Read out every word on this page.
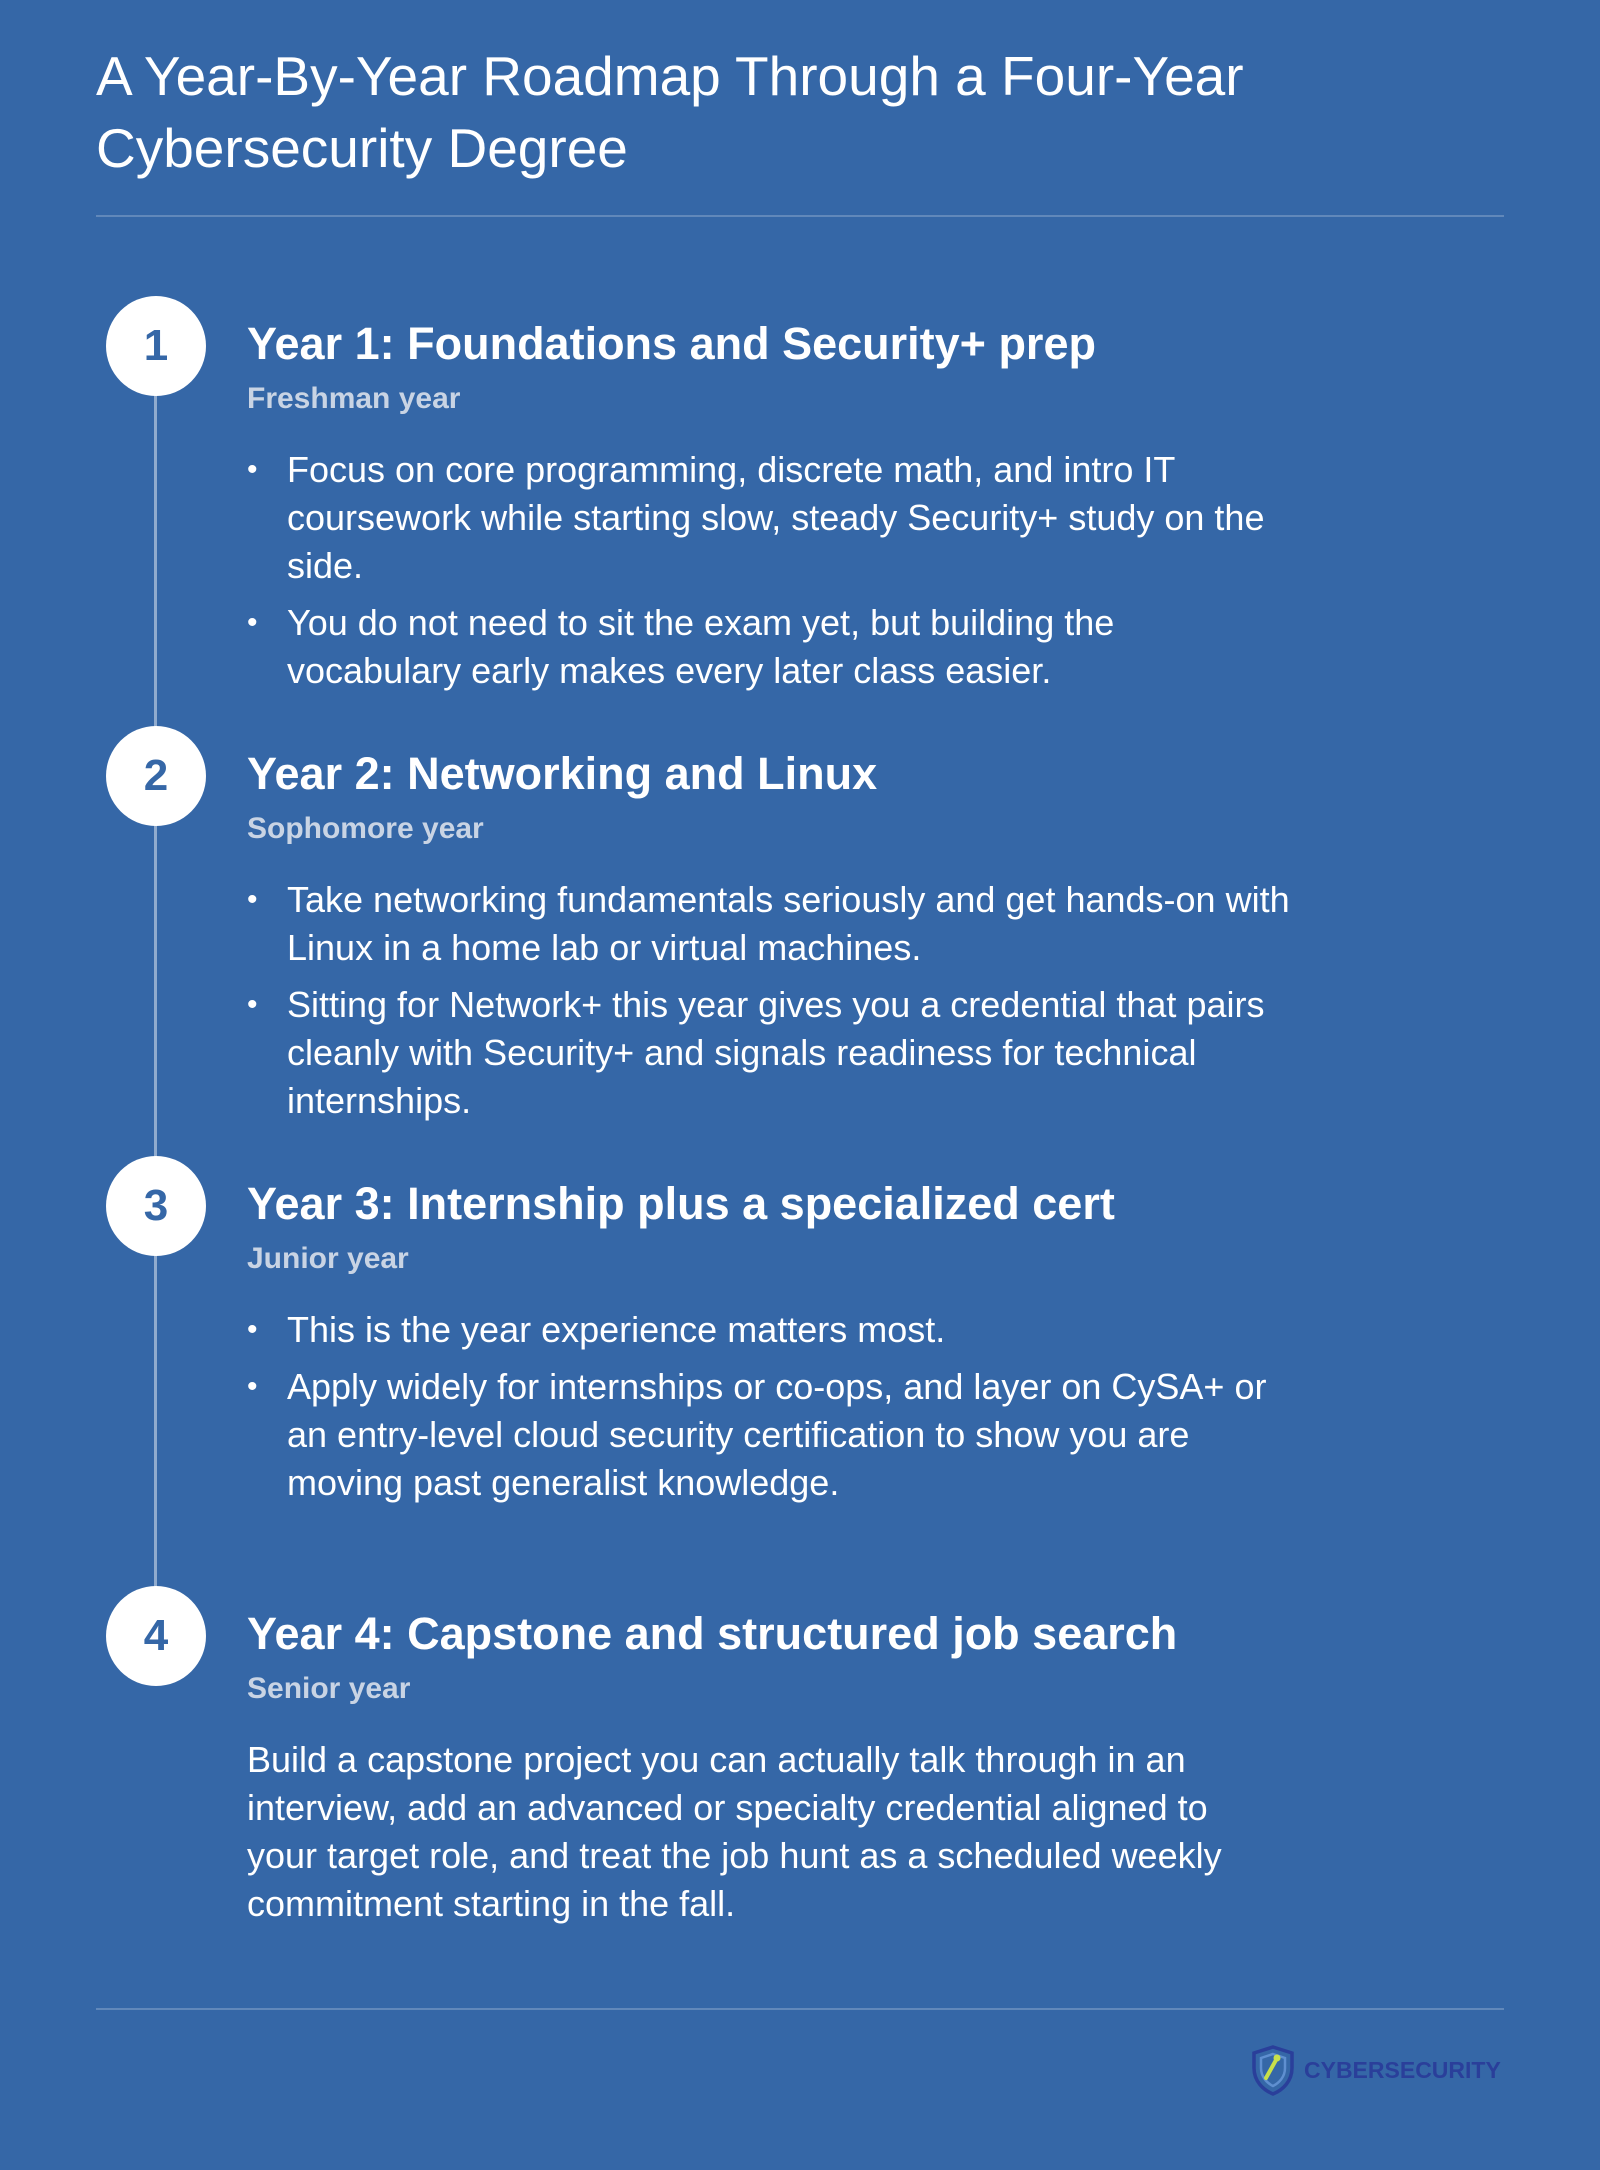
A Year-By-Year Roadmap Through a Four-Year Cybersecurity Degree
1	Year 1: Foundations and Security+ prep
Freshman year
• Focus on core programming, discrete math, and intro IT coursework while starting slow, steady Security+ study on the side.
• You do not need to sit the exam yet, but building the vocabulary early makes every later class easier.
2	Year 2: Networking and Linux
Sophomore year
• Take networking fundamentals seriously and get hands-on with Linux in a home lab or virtual machines.
• Sitting for Network+ this year gives you a credential that pairs cleanly with Security+ and signals readiness for technical internships.
3	Year 3: Internship plus a specialized cert
Junior year
• This is the year experience matters most.
• Apply widely for internships or co-ops, and layer on CySA+ or an entry-level cloud security certification to show you are moving past generalist knowledge.
4	Year 4: Capstone and structured job search
Senior year

Build a capstone project you can actually talk through in an interview, add an advanced or specialty credential aligned to your target role, and treat the job hunt as a scheduled weekly commitment starting in the fall.

CYBERSECURITY
